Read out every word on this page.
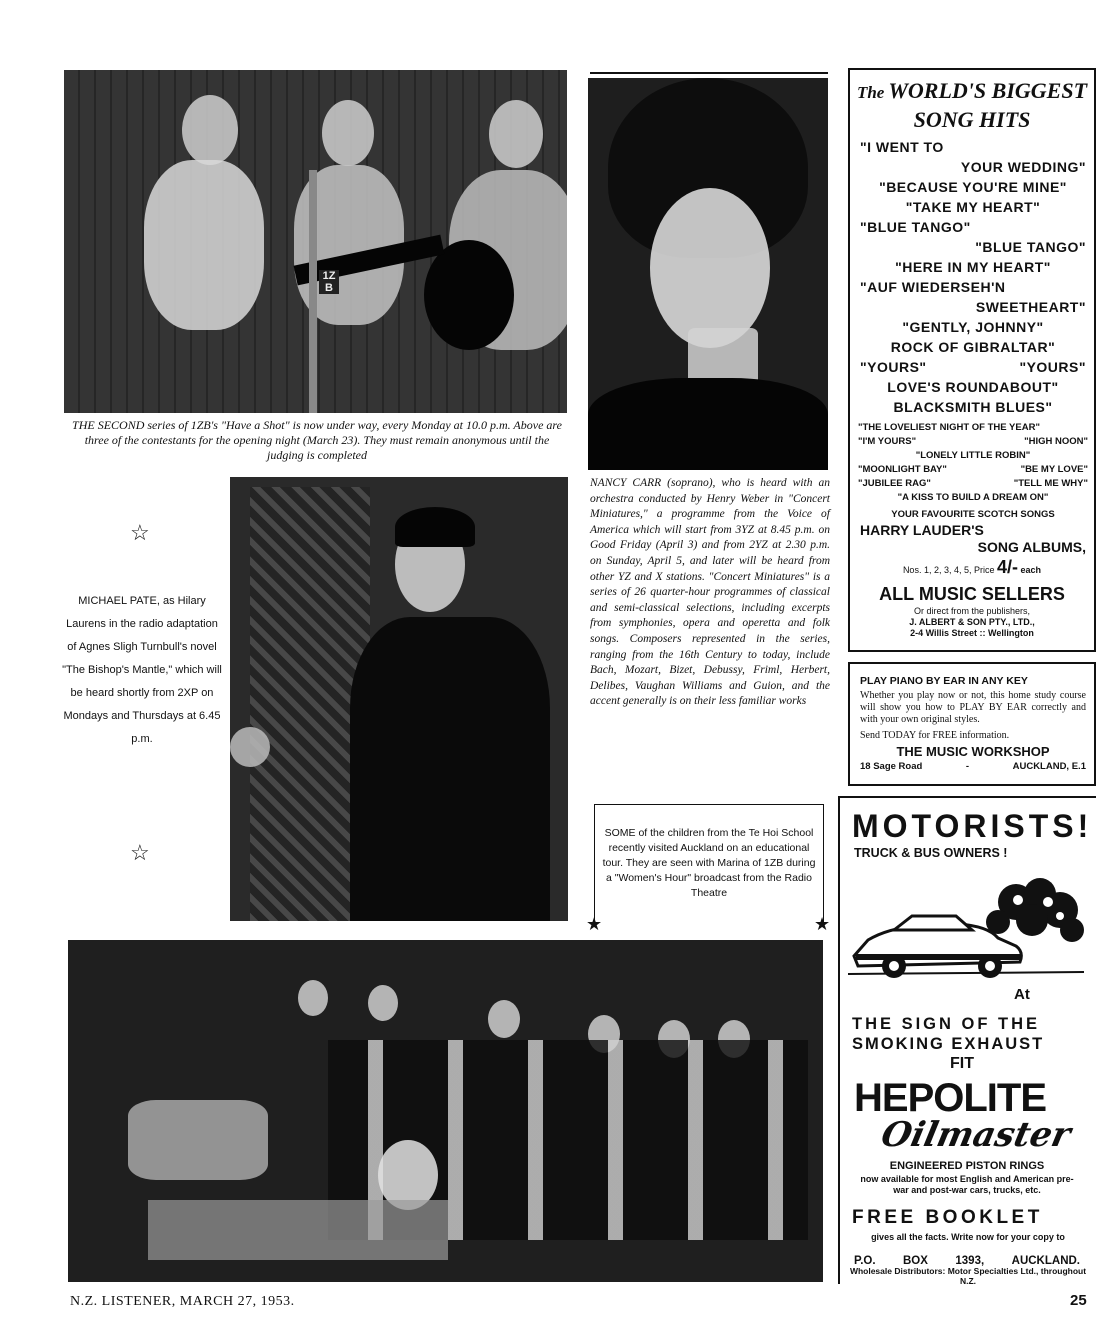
1ZB
THE SECOND series of 1ZB's "Have a Shot" is now under way, every Monday at 10.0 p.m. Above are three of the contestants for the opening night (March 23). They must remain anonymous until the judging is completed
NANCY CARR (soprano), who is heard with an orchestra conducted by Henry Weber in "Concert Miniatures," a programme from the Voice of America which will start from 3YZ at 8.45 p.m. on Good Friday (April 3) and from 2YZ at 2.30 p.m. on Sunday, April 5, and later will be heard from other YZ and X stations. "Concert Miniatures" is a series of 26 quarter-hour programmes of classical and semi-classical selections, including excerpts from symphonies, opera and operetta and folk songs. Composers represented in the series, ranging from the 16th Century to today, include Bach, Mozart, Bizet, Debussy, Friml, Herbert, Delibes, Vaughan Williams and Guion, and the accent generally is on their less familiar works
☆
MICHAEL PATE, as Hilary Laurens in the radio adaptation of Agnes Sligh Turnbull's novel "The Bishop's Mantle," which will be heard shortly from 2XP on Mondays and Thursdays at 6.45 p.m.
☆
SOME of the children from the Te Hoi School recently visited Auckland on an educational tour. They are seen with Marina of 1ZB during a "Women's Hour" broadcast from the Radio Theatre
★	★
The WORLD'S BIGGEST
SONG HITS
"I WENT TO
YOUR WEDDING"
"BECAUSE YOU'RE MINE"
"TAKE MY HEART"
"BLUE TANGO"
"BLUE TANGO"
"HERE IN MY HEART"
"AUF WIEDERSEH'N
SWEETHEART"
"GENTLY, JOHNNY"
ROCK OF GIBRALTAR"
"YOURS"	"YOURS"
LOVE'S ROUNDABOUT"
BLACKSMITH BLUES"
"THE LOVELIEST NIGHT OF THE YEAR"
"I'M YOURS"	"HIGH NOON"
"LONELY LITTLE ROBIN"
"MOONLIGHT BAY"	"BE MY LOVE"
"JUBILEE RAG"	"TELL ME WHY"
"A KISS TO BUILD A DREAM ON"
YOUR FAVOURITE SCOTCH SONGS
HARRY LAUDER'S
SONG ALBUMS,
Nos. 1, 2, 3, 4, 5, Price 4/- each
ALL MUSIC SELLERS
Or direct from the publishers,
J. ALBERT & SON PTY., LTD.,
2-4 Willis Street :: Wellington
PLAY PIANO BY EAR IN ANY KEY
Whether you play now or not, this home study course will show you how to PLAY BY EAR correctly and with your own original styles.
Send TODAY for FREE information.
THE MUSIC WORKSHOP
18 Sage Road	-	AUCKLAND, E.1
MOTORISTS!
TRUCK & BUS OWNERS !
At
THE SIGN OF THE
SMOKING EXHAUST
FIT
HEPOLITE
Oilmaster
ENGINEERED PISTON RINGS
now available for most English and American pre-war and post-war cars, trucks, etc.
FREE BOOKLET
gives all the facts. Write now for your copy to
P.O. BOX 1393, AUCKLAND.
Wholesale Distributors: Motor Specialties Ltd., throughout N.Z.
N.Z. LISTENER, MARCH 27, 1953.	25
